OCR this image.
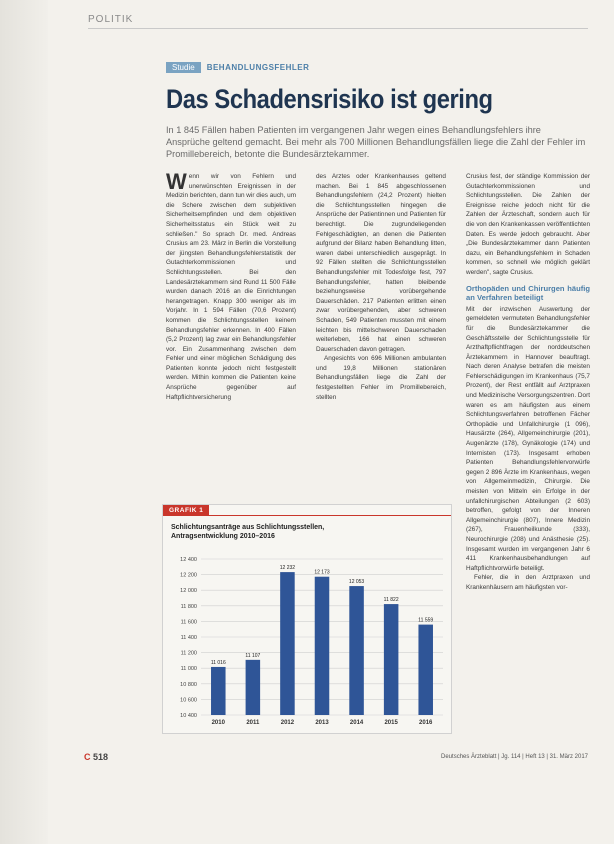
POLITIK
Studie	BEHANDLUNGSFEHLER
Das Schadensrisiko ist gering
In 1 845 Fällen haben Patienten im vergangenen Jahr wegen eines Behandlungsfehlers ihre Ansprüche geltend gemacht. Bei mehr als 700 Millionen Behandlungsfällen liege die Zahl der Fehler im Promillebereich, betonte die Bundesärztekammer.
W enn wir von Fehlern und unerwünschten Ereignissen in der Medizin berichten, dann tun wir dies auch, um die Schere zwischen dem subjektiven Sicherheitsempfinden und dem objektiven Sicherheitsstatus ein Stück weit zu schließen." So sprach Dr. med. Andreas Crusius am 23. März in Berlin die Vorstellung der jüngsten Behandlungsfehlerstatistik der Gutachterkommissionen und Schlichtungsstellen. Bei den Landesärztekammern sind Rund 11 500 Fälle wurden danach 2016 an die Einrichtungen herangetragen. Knapp 300 weniger als im Vorjahr. In 1 594 Fällen (70,6 Prozent) kommen die Schlichtungsstellen keinem Behandlungsfehler erkennen. In 400 Fällen (5,2 Prozent) lag zwar ein Behandlungsfehler vor. Ein Zusammenhang zwischen dem Fehler und einer möglichen Schädigung des Patienten konnte jedoch nicht festgestellt werden. Mithin kommen die Patienten keine Ansprüche gegenüber auf Haftpflichtversicherung

des Arztes oder Krankenhauses geltend machen. Bei 1 845 abgeschlossenen Behandlungsfehlern (24,2 Prozent) hielten die Schlichtungsstellen hingegen die Ansprüche der Patientinnen und Patienten für berechtigt. Die zugrundeliegenden Fehlgeschädigten, an denen die Patienten aufgrund der Bilanz haben Behandlung litten, waren dabei unterschiedlich ausgeprägt. In 92 Fällen stellten die Schlichtungsstellen Behandlungsfehler mit Todesfolge fest, 797 Behandlungsfehler, hatten bleibende beziehungsweise vorübergehende Dauerschäden. 217 Patienten erlitten einen zwar vorübergehenden, aber schweren Schaden, 549 Patienten mussten mit einem leichten bis mittelschweren Dauerschaden weiterleben, 166 hat einen schweren Dauerschaden davon getragen.

Angesichts von 696 Millionen ambulanten und 19,8 Millionen stationären Behandlungsfällen liege die Zahl der festgestellten Fehler im Promillebereich, stellten

Crusius fest, der ständige Kommission der Gutachterkommissionen und Schlichtungsstellen. Die Zahlen der Ereignisse reiche jedoch nicht für die Zahlen der Ärzteschaft, sondern auch für die von den Krankenkassen veröffentlichten Daten. Es werde jedoch gebraucht. Aber „Die Bundesärztekammer dann Patienten dazu, ein Behandlungsfehlern in Schaden kommen, so schnell wie möglich geklärt werden", sagte Crusius.

Orthopäden und Chirurgen häufig an Verfahren beteiligt

Mit der inzwischen Auswertung der gemeldeten vermuteten Behandlungsfehler für die Bundesärztekammer die Geschäftsstelle der Schlichtungsstelle für Arzthaftpflichtfragen der norddeutschen Ärztekammern in Hannover beauftragt. Nach deren Analyse betrafen die meisten Fehlerschädigungen im Krankenhaus (75,7 Prozent), der Rest entfällt auf Arztpraxen und Medizinische Versorgungszentren. Dort waren es am häufigsten aus einem Schlichtungsverfahren betroffenen Fächer Orthopädie und Unfallchirurgie (1 096), Hausärzte (264), Allgemeinchirurgie (201), Augenärzte (178), Gynäkologie (174) und Internisten (173). Insgesamt erhoben Patienten Behandlungsfehlervorwürfe gegen 2 896 Ärzte im Krankenhaus, wegen von Allgemeinmedizin, Chirurgie. Die meisten von Mitteln ein Erfolge in der unfallchirurgischen Abteilungen (2 603) betroffen, gefolgt von der Inneren Allgemeinchirurgie (807), Innere Medizin (267), Frauenheilkunde (333), Neurochirurgie (208) und Anästhesie (25). Insgesamt wurden im vergangenen Jahr 6 411 Krankenhausbehandlungen auf Haftpflichtvorwürfe beteiligt.

Fehler, die in den Arztpraxen und Krankenhäusern am häufigsten vor-

GRAFIK 1
Schlichtungsanträge aus Schlichtungsstellen,
Antragsentwicklung 2010–2016
12 400
12 200
12 000
11 800
11 600
11 400
11 200
11 000
10 800
10 600
10 400
11 016
2010
11 107
2011
12 232
2012
12 173
2013
12 053
2014
11 822
2015
11 559
2016
C 518	Deutsches Ärzteblatt | Jg. 114 | Heft 13 | 31. März 2017
